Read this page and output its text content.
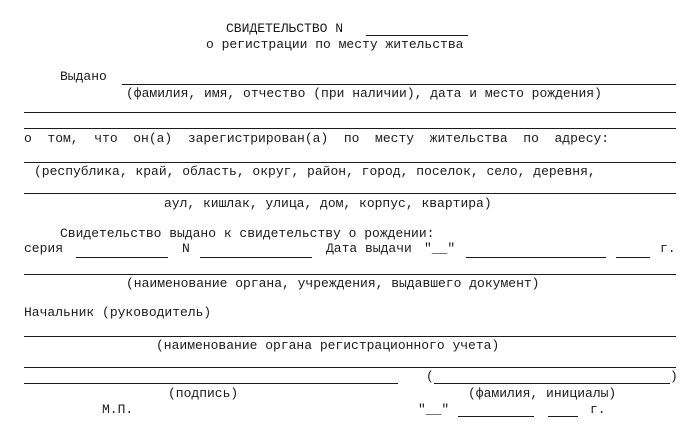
СВИДЕТЕЛЬСТВО N
о регистрации по месту жительства
Выдано
(фамилия, имя, отчество (при наличии), дата и место рождения)
о  том,  что  он(а)  зарегистрирован(а)  по  месту  жительства  по  адресу:
(республика, край, область, округ, район, город, поселок, село, деревня,
аул, кишлак, улица, дом, корпус, квартира)
Свидетельство выдано к свидетельству о рождении:
серия	N	Дата выдачи "__"	г.
(наименование органа, учреждения, выдавшего документ)
Начальник (руководитель)
(наименование органа регистрационного учета)
(	)
(подпись)	(фамилия, инициалы)
М.П.	"__"	г.
